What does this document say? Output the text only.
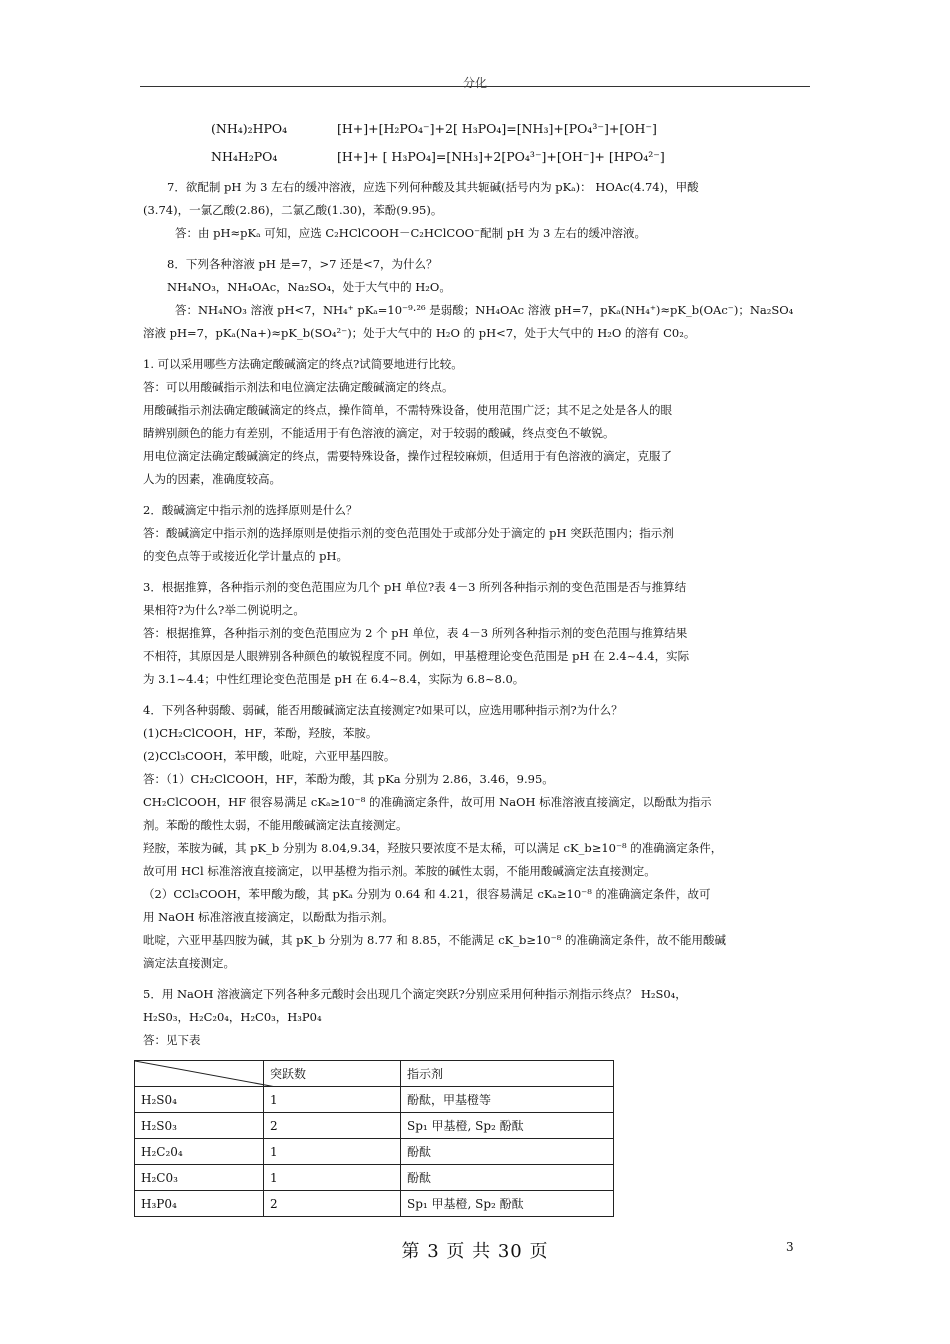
分化
(NH₄)₂HPO₄	[H+]+[H₂PO₄⁻]+2[ H₃PO₄]=[NH₃]+[PO₄³⁻]+[OH⁻]
NH₄H₂PO₄	[H+]+ [ H₃PO₄]=[NH₃]+2[PO₄³⁻]+[OH⁻]+ [HPO₄²⁻]

7．欲配制 pH 为 3 左右的缓冲溶液，应选下列何种酸及其共轭碱(括号内为 pKₐ)： HOAc(4.74)，甲酸

(3.74)，一氯乙酸(2.86)，二氯乙酸(1.30)，苯酚(9.95)。

答：由 pH≈pKₐ 可知，应选 C₂HClCOOH－C₂HClCOO⁻配制 pH 为 3 左右的缓冲溶液。

8．下列各种溶液 pH 是=7，>7 还是<7，为什么？

NH₄NO₃，NH₄OAc，Na₂SO₄，处于大气中的 H₂O。

答：NH₄NO₃ 溶液 pH<7，NH₄⁺ pKₐ=10⁻⁹·²⁶ 是弱酸；NH₄OAc 溶液 pH=7，pKₐ(NH₄⁺)≈pK_b(OAc⁻)；Na₂SO₄

溶液 pH=7，pKₐ(Na+)≈pK_b(SO₄²⁻)；处于大气中的 H₂O 的 pH<7，处于大气中的 H₂O 的溶有 C0₂。

1. 可以采用哪些方法确定酸碱滴定的终点?试简要地进行比较。

答：可以用酸碱指示剂法和电位滴定法确定酸碱滴定的终点。

用酸碱指示剂法确定酸碱滴定的终点，操作简单，不需特殊设备，使用范围广泛；其不足之处是各人的眼

睛辨别颜色的能力有差别，不能适用于有色溶液的滴定，对于较弱的酸碱，终点变色不敏锐。

用电位滴定法确定酸碱滴定的终点，需要特殊设备，操作过程较麻烦，但适用于有色溶液的滴定，克服了

人为的因素，准确度较高。

2．酸碱滴定中指示剂的选择原则是什么？

答：酸碱滴定中指示剂的选择原则是使指示剂的变色范围处于或部分处于滴定的 pH 突跃范围内；指示剂

的变色点等于或接近化学计量点的 pH。

3．根据推算，各种指示剂的变色范围应为几个 pH 单位?表 4－3 所列各种指示剂的变色范围是否与推算结

果相符?为什么?举二例说明之。

答：根据推算，各种指示剂的变色范围应为 2 个 pH 单位，表 4－3 所列各种指示剂的变色范围与推算结果

不相符，其原因是人眼辨别各种颜色的敏锐程度不同。例如，甲基橙理论变色范围是 pH 在 2.4~4.4，实际

为 3.1~4.4；中性红理论变色范围是 pH 在 6.4~8.4，实际为 6.8~8.0。

4．下列各种弱酸、弱碱，能否用酸碱滴定法直接测定?如果可以，应选用哪种指示剂?为什么？

(1)CH₂ClCOOH，HF，苯酚，羟胺，苯胺。

(2)CCl₃COOH，苯甲酸，吡啶，六亚甲基四胺。

答：（1）CH₂ClCOOH，HF，苯酚为酸，其 pKa 分别为 2.86，3.46，9.95。

CH₂ClCOOH，HF 很容易满足 cKₐ≥10⁻⁸ 的准确滴定条件，故可用 NaOH 标准溶液直接滴定，以酚酞为指示

剂。苯酚的酸性太弱，不能用酸碱滴定法直接测定。

羟胺，苯胺为碱，其 pK_b 分别为 8.04,9.34，羟胺只要浓度不是太稀，可以满足 cK_b≥10⁻⁸ 的准确滴定条件，

故可用 HCl 标准溶液直接滴定，以甲基橙为指示剂。苯胺的碱性太弱，不能用酸碱滴定法直接测定。

（2）CCl₃COOH，苯甲酸为酸，其 pKₐ 分别为 0.64 和 4.21，很容易满足 cKₐ≥10⁻⁸ 的准确滴定条件，故可

用 NaOH 标准溶液直接滴定，以酚酞为指示剂。

吡啶，六亚甲基四胺为碱，其 pK_b 分别为 8.77 和 8.85，不能满足 cK_b≥10⁻⁸ 的准确滴定条件，故不能用酸碱

滴定法直接测定。

5．用 NaOH 溶液滴定下列各种多元酸时会出现几个滴定突跃?分别应采用何种指示剂指示终点？ H₂S0₄，

H₂S0₃，H₂C₂0₄，H₂C0₃，H₃P0₄

答：见下表

	突跃数	指示剂
H₂S0₄	1	酚酞，甲基橙等
H₂S0₃	2	Sp₁ 甲基橙, Sp₂ 酚酞
H₂C₂0₄	1	酚酞
H₂C0₃	1	酚酞
H₃P0₄	2	Sp₁ 甲基橙, Sp₂ 酚酞
第 3 页 共 30 页	3
